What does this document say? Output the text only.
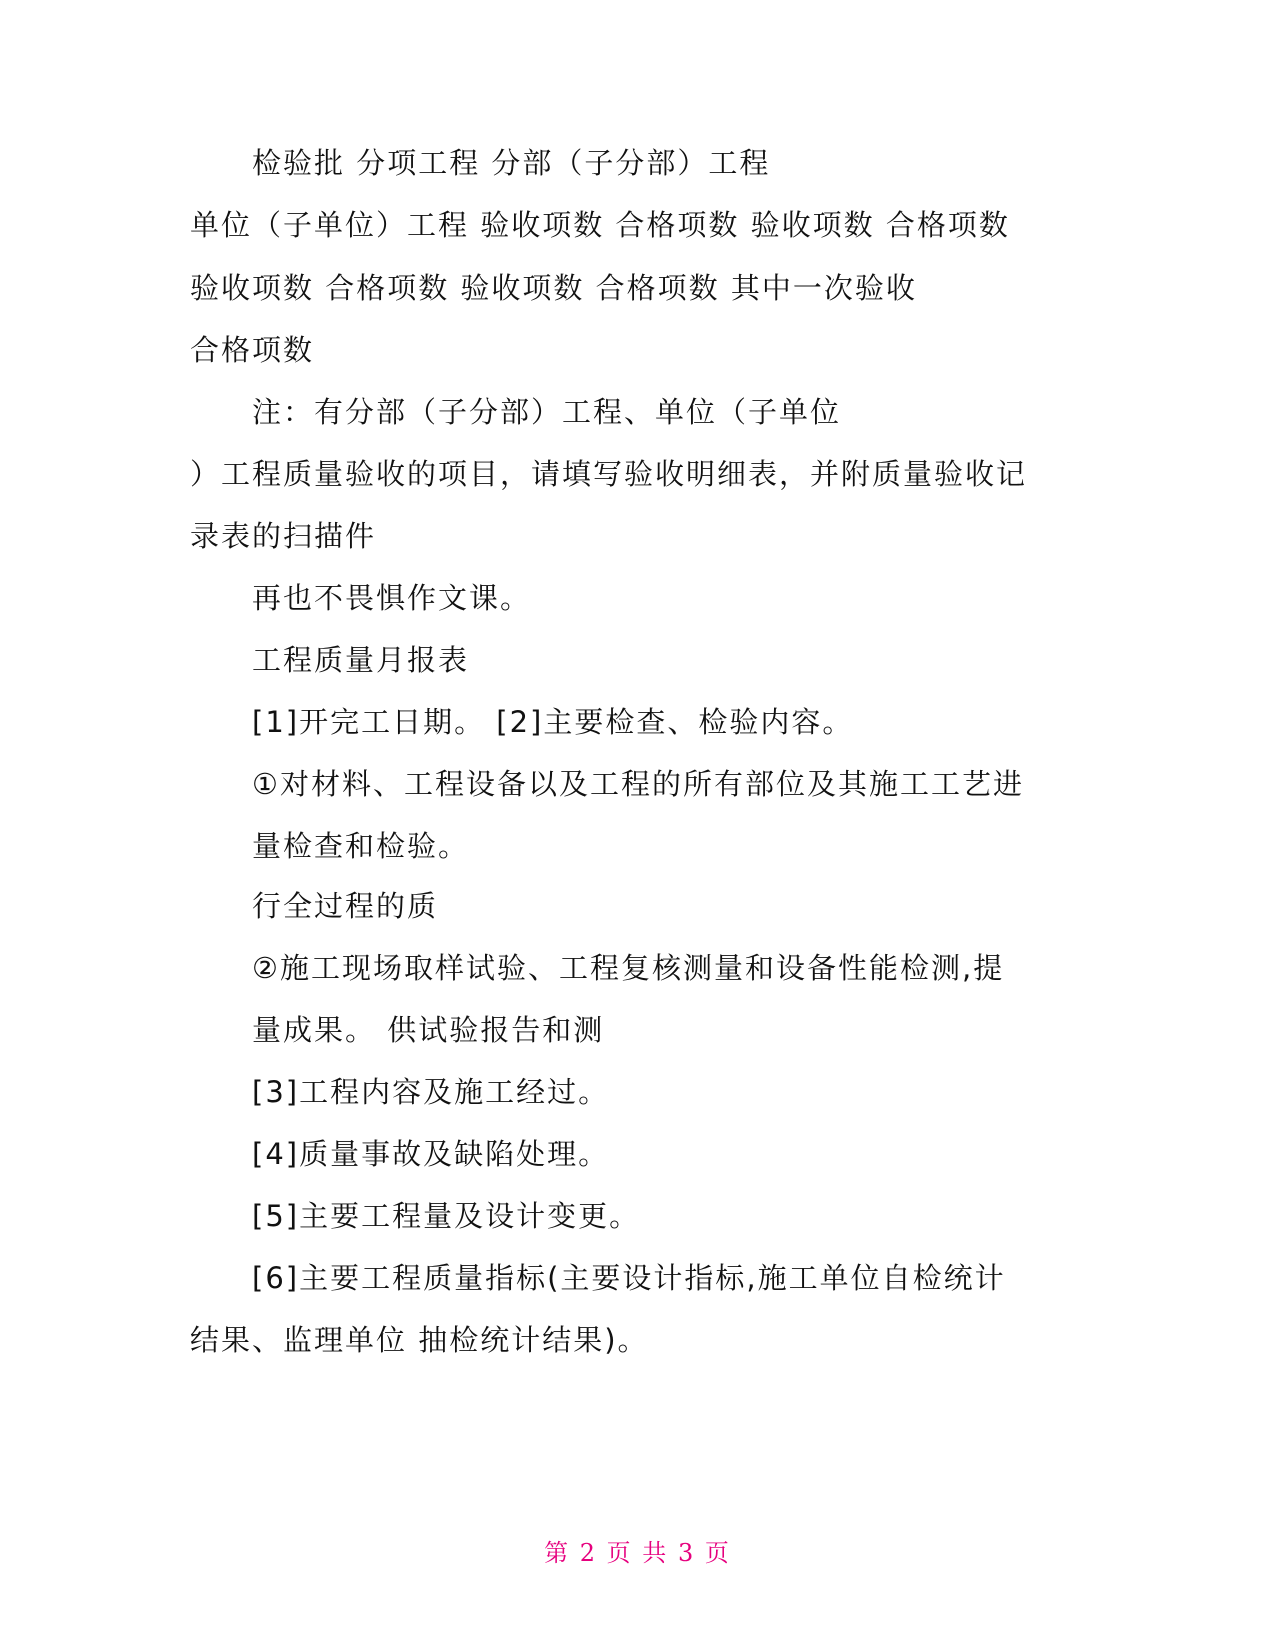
检验批 分项工程 分部（子分部）工程
单位（子单位）工程 验收项数 合格项数 验收项数 合格项数
验收项数 合格项数 验收项数 合格项数 其中一次验收
合格项数
注：有分部（子分部）工程、单位（子单位
）工程质量验收的项目，请填写验收明细表，并附质量验收记
录表的扫描件
再也不畏惧作文课。
工程质量月报表
[1]开完工日期。 [2]主要检查、检验内容。
①对材料、工程设备以及工程的所有部位及其施工工艺进
量检查和检验。
行全过程的质
②施工现场取样试验、工程复核测量和设备性能检测,提
量成果。 供试验报告和测
[3]工程内容及施工经过。
[4]质量事故及缺陷处理。
[5]主要工程量及设计变更。
[6]主要工程质量指标(主要设计指标,施工单位自检统计
结果、监理单位 抽检统计结果)。
第 2 页 共 3 页
